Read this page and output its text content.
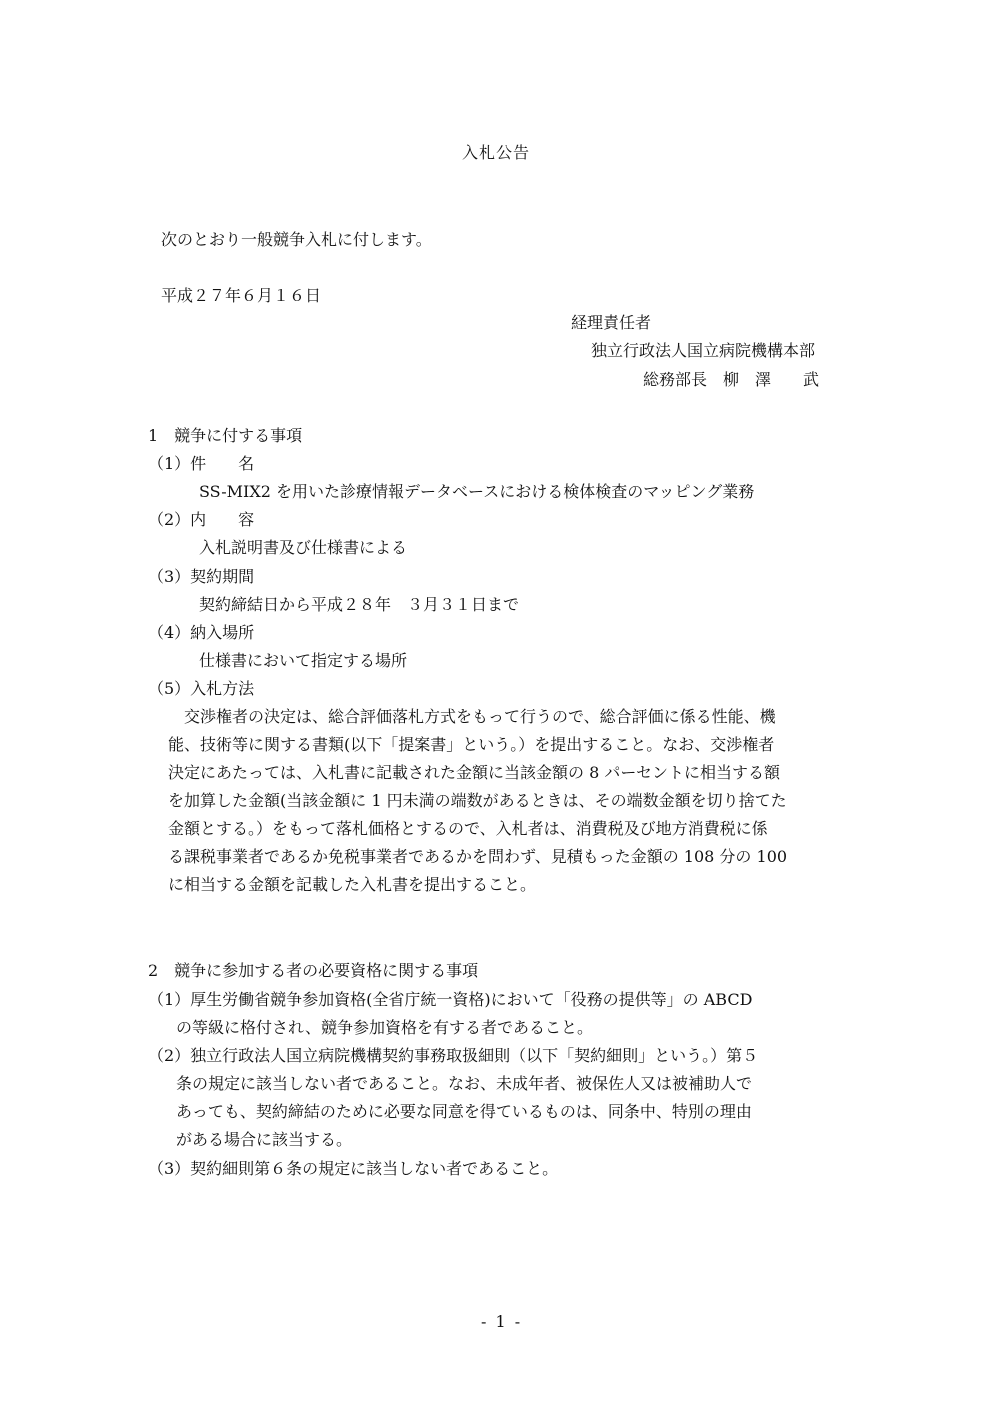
入札公告
次のとおり一般競争入札に付します。
平成２７年６月１６日
経理責任者
独立行政法人国立病院機構本部
総務部長　柳　澤　　武
1　競争に付する事項
（1）件　　名
SS-MIX2 を用いた診療情報データベースにおける検体検査のマッピング業務
（2）内　　容
入札説明書及び仕様書による
（3）契約期間
契約締結日から平成２８年　３月３１日まで
（4）納入場所
仕様書において指定する場所
（5）入札方法
交渉権者の決定は、総合評価落札方式をもって行うので、総合評価に係る性能、機
能、技術等に関する書類(以下「提案書」という。）を提出すること。なお、交渉権者
決定にあたっては、入札書に記載された金額に当該金額の 8 パーセントに相当する額
を加算した金額(当該金額に 1 円未満の端数があるときは、その端数金額を切り捨てた
金額とする。）をもって落札価格とするので、入札者は、消費税及び地方消費税に係
る課税事業者であるか免税事業者であるかを問わず、見積もった金額の 108 分の 100
に相当する金額を記載した入札書を提出すること。
2　競争に参加する者の必要資格に関する事項
（1）厚生労働省競争参加資格(全省庁統一資格)において「役務の提供等」の ABCD
の等級に格付され、競争参加資格を有する者であること。
（2）独立行政法人国立病院機構契約事務取扱細則（以下「契約細則」という。）第５
条の規定に該当しない者であること。なお、未成年者、被保佐人又は被補助人で
あっても、契約締結のために必要な同意を得ているものは、同条中、特別の理由
がある場合に該当する。
（3）契約細則第６条の規定に該当しない者であること。
- 1 -
